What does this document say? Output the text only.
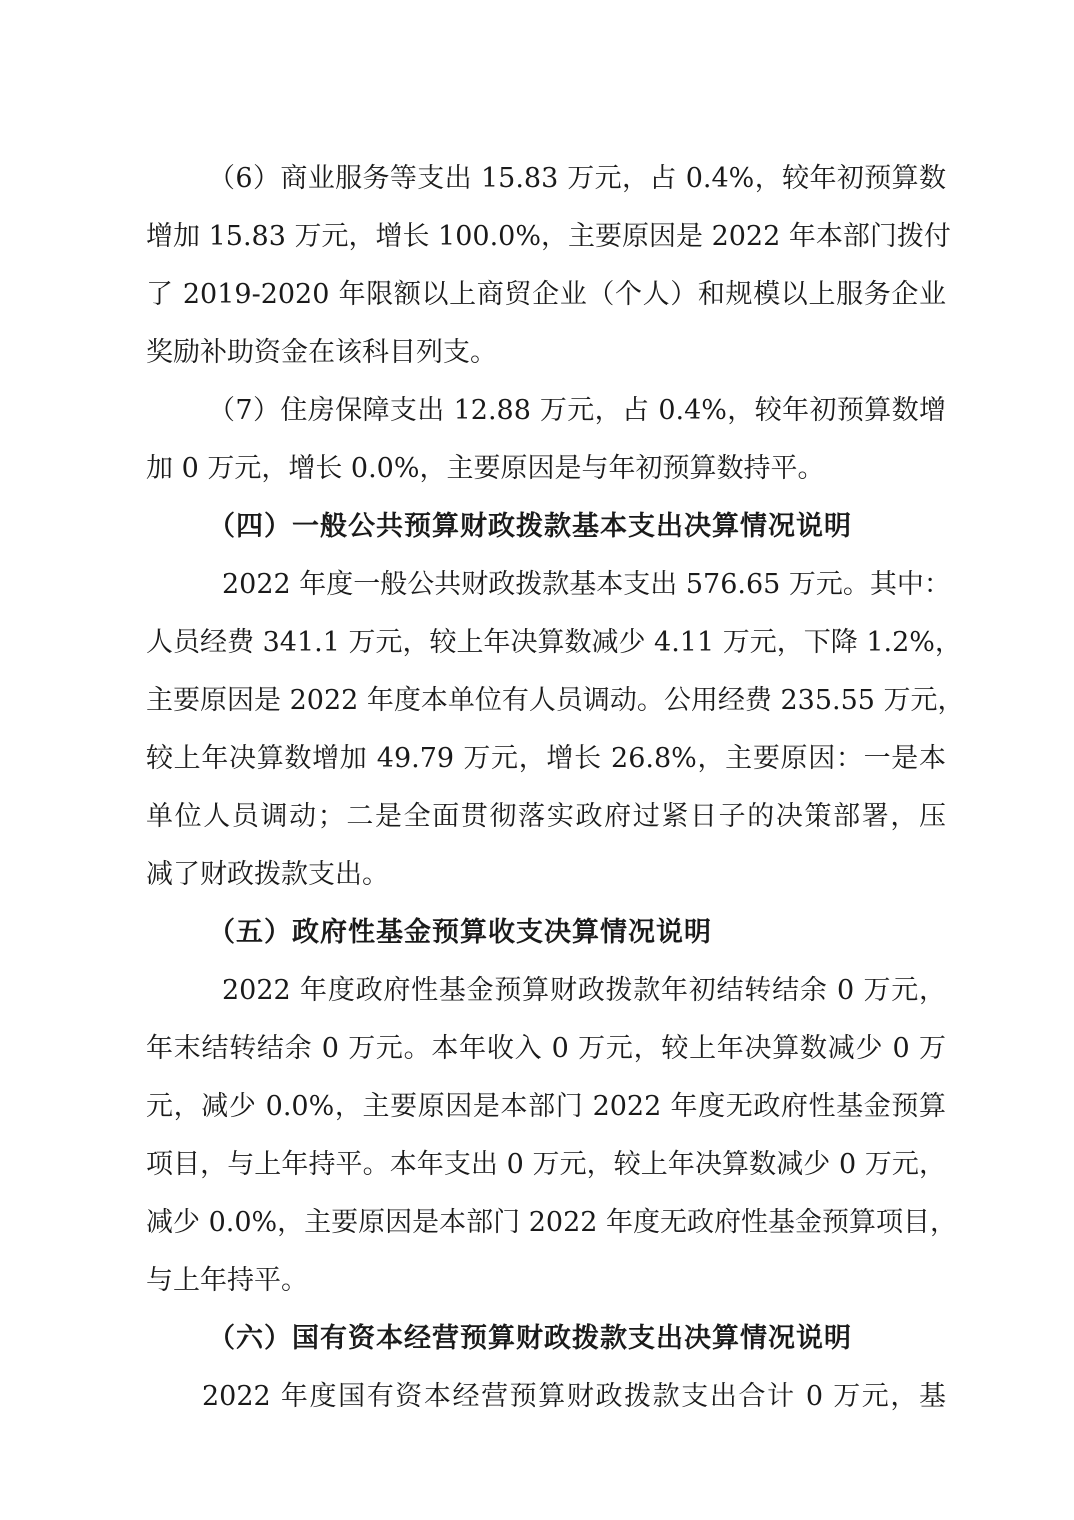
（6）商业服务等支出 15.83 万元，占 0.4%，较年初预算数
增加 15.83 万元，增长 100.0%，主要原因是 2022 年本部门拨付
了 2019-2020 年限额以上商贸企业（个人）和规模以上服务企业
奖励补助资金在该科目列支。
（7）住房保障支出 12.88 万元，占 0.4%，较年初预算数增
加 0 万元，增长 0.0%，主要原因是与年初预算数持平。
（四）一般公共预算财政拨款基本支出决算情况说明
2022 年度一般公共财政拨款基本支出 576.65 万元。其中：
人员经费 341.1 万元，较上年决算数减少 4.11 万元，下降 1.2%，
主要原因是 2022 年度本单位有人员调动。公用经费 235.55 万元，
较上年决算数增加 49.79 万元，增长 26.8%，主要原因：一是本
单位人员调动；二是全面贯彻落实政府过紧日子的决策部署，压
减了财政拨款支出。
（五）政府性基金预算收支决算情况说明
2022 年度政府性基金预算财政拨款年初结转结余 0 万元，
年末结转结余 0 万元。本年收入 0 万元，较上年决算数减少 0 万
元，减少 0.0%，主要原因是本部门 2022 年度无政府性基金预算
项目，与上年持平。本年支出 0 万元，较上年决算数减少 0 万元，
减少 0.0%，主要原因是本部门 2022 年度无政府性基金预算项目，
与上年持平。
（六）国有资本经营预算财政拨款支出决算情况说明
2022 年度国有资本经营预算财政拨款支出合计 0 万元，基
